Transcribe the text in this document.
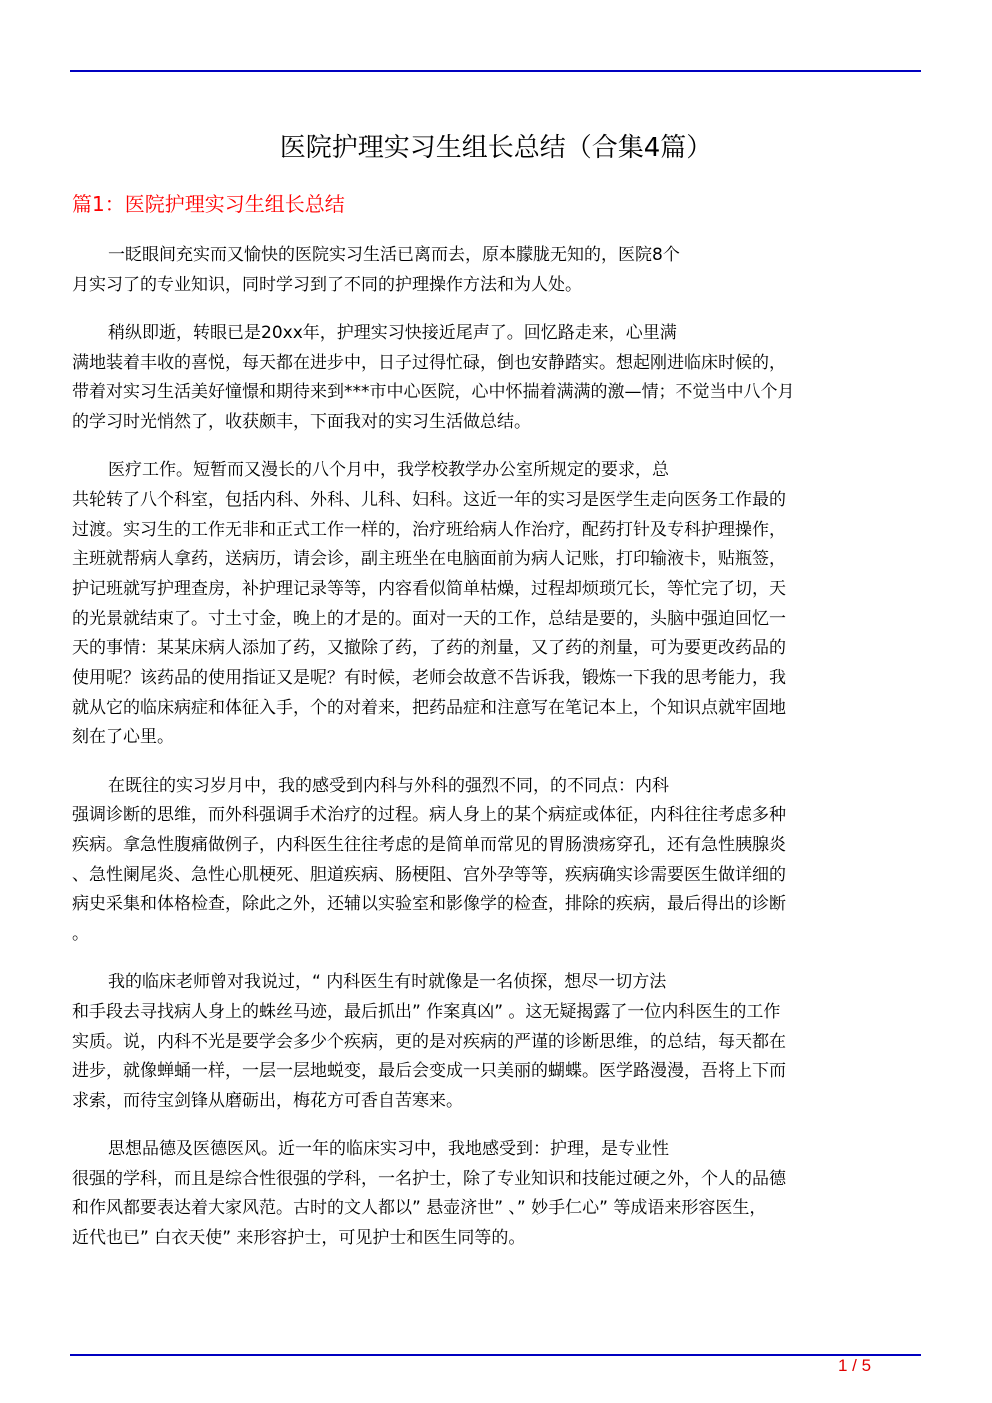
医院护理实习生组长总结（合集4篇）
篇1：医院护理实习生组长总结
一眨眼间充实而又愉快的医院实习生活已离而去，原本朦胧无知的，医院8个
月实习了的专业知识，同时学习到了不同的护理操作方法和为人处。
稍纵即逝，转眼已是20xx年，护理实习快接近尾声了。回忆路走来，心里满
满地装着丰收的喜悦，每天都在进步中，日子过得忙碌，倒也安静踏实。想起刚进临床时候的，
带着对实习生活美好憧憬和期待来到***市中心医院，心中怀揣着满满的激—情；不觉当中八个月
的学习时光悄然了，收获颇丰，下面我对的实习生活做总结。
医疗工作。短暂而又漫长的八个月中，我学校教学办公室所规定的要求，总
共轮转了八个科室，包括内科、外科、儿科、妇科。这近一年的实习是医学生走向医务工作最的
过渡。实习生的工作无非和正式工作一样的，治疗班给病人作治疗，配药打针及专科护理操作，
主班就帮病人拿药，送病历，请会诊，副主班坐在电脑面前为病人记账，打印输液卡，贴瓶签，
护记班就写护理查房，补护理记录等等，内容看似简单枯燥，过程却烦琐冗长，等忙完了切，天
的光景就结束了。寸土寸金，晚上的才是的。面对一天的工作，总结是要的，头脑中强迫回忆一
天的事情：某某床病人添加了药，又撤除了药，了药的剂量，又了药的剂量，可为要更改药品的
使用呢？该药品的使用指证又是呢？有时候，老师会故意不告诉我，锻炼一下我的思考能力，我
就从它的临床病症和体征入手，个的对着来，把药品症和注意写在笔记本上，个知识点就牢固地
刻在了心里。
在既往的实习岁月中，我的感受到内科与外科的强烈不同，的不同点：内科
强调诊断的思维，而外科强调手术治疗的过程。病人身上的某个病症或体征，内科往往考虑多种
疾病。拿急性腹痛做例子，内科医生往往考虑的是简单而常见的胃肠溃疡穿孔，还有急性胰腺炎
、急性阑尾炎、急性心肌梗死、胆道疾病、肠梗阻、宫外孕等等，疾病确实诊需要医生做详细的
病史采集和体格检查，除此之外，还辅以实验室和影像学的检查，排除的疾病，最后得出的诊断
。
我的临床老师曾对我说过，“ 内科医生有时就像是一名侦探，想尽一切方法
和手段去寻找病人身上的蛛丝马迹，最后抓出” 作案真凶” 。这无疑揭露了一位内科医生的工作
实质。说，内科不光是要学会多少个疾病，更的是对疾病的严谨的诊断思维，的总结，每天都在
进步，就像蝉蛹一样，一层一层地蜕变，最后会变成一只美丽的蝴蝶。医学路漫漫，吾将上下而
求索，而待宝剑锋从磨砺出，梅花方可香自苦寒来。
思想品德及医德医风。近一年的临床实习中，我地感受到：护理，是专业性
很强的学科，而且是综合性很强的学科，一名护士，除了专业知识和技能过硬之外，个人的品德
和作风都要表达着大家风范。古时的文人都以” 悬壶济世” 、” 妙手仁心” 等成语来形容医生，
近代也已” 白衣天使” 来形容护士，可见护士和医生同等的。
1 / 5
